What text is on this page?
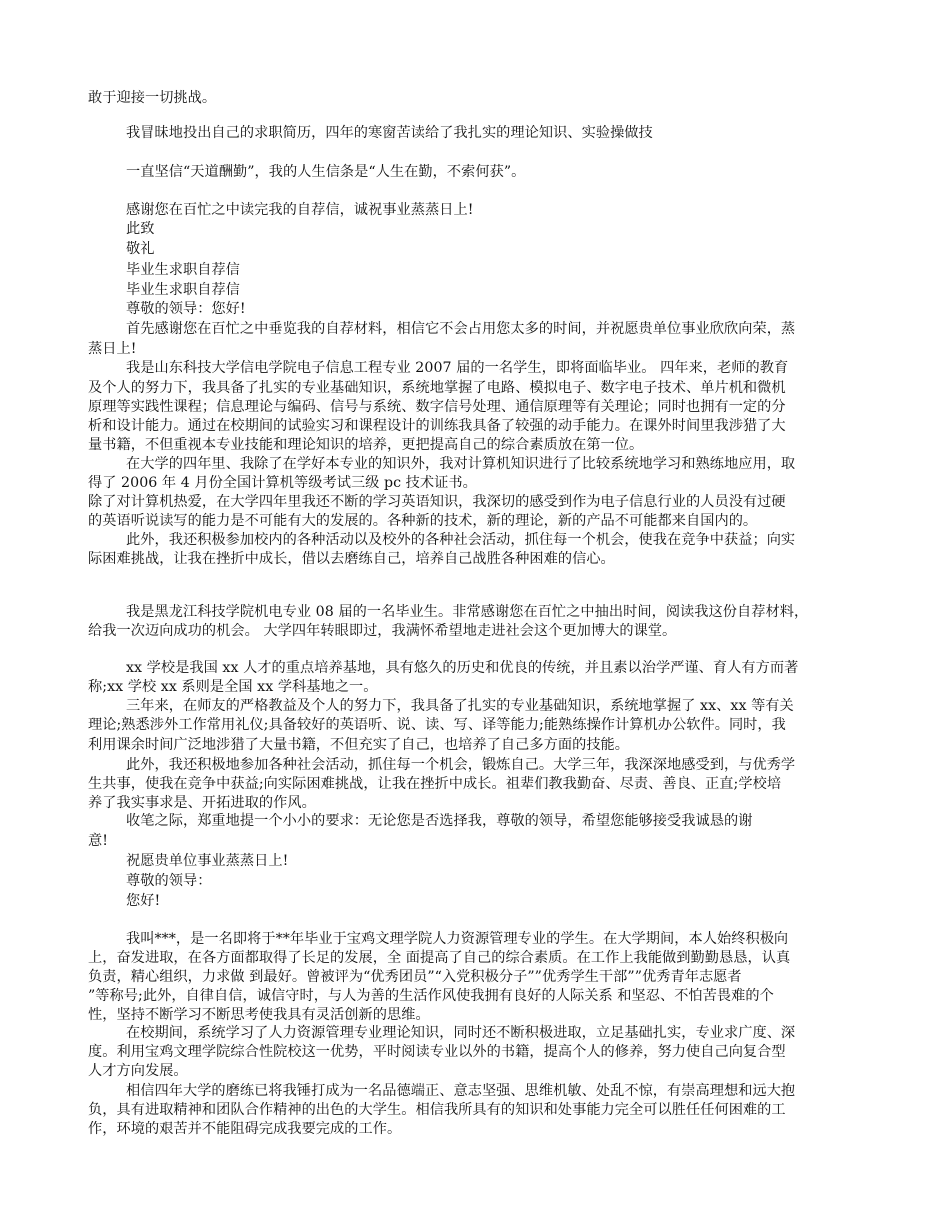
敢于迎接一切挑战。
我冒昧地投出自己的求职简历，四年的寒窗苦读给了我扎实的理论知识、实验操做技
一直坚信“天道酬勤”，我的人生信条是“人生在勤，不索何获”。
感谢您在百忙之中读完我的自荐信，诚祝事业蒸蒸日上!
此致
敬礼
毕业生求职自荐信
毕业生求职自荐信
尊敬的领导：您好!
首先感谢您在百忙之中垂览我的自荐材料，相信它不会占用您太多的时间，并祝愿贵单位事业欣欣向荣，蒸
蒸日上!
我是山东科技大学信电学院电子信息工程专业 2007 届的一名学生，即将面临毕业。 四年来，老师的教育
及个人的努力下，我具备了扎实的专业基础知识，系统地掌握了电路、模拟电子、数字电子技术、单片机和微机
原理等实践性课程；信息理论与编码、信号与系统、数字信号处理、通信原理等有关理论；同时也拥有一定的分
析和设计能力。通过在校期间的试验实习和课程设计的训练我具备了较强的动手能力。在课外时间里我涉猎了大
量书籍，不但重视本专业技能和理论知识的培养，更把提高自己的综合素质放在第一位。
在大学的四年里、我除了在学好本专业的知识外，我对计算机知识进行了比较系统地学习和熟练地应用，取
得了 2006 年 4 月份全国计算机等级考试三级 pc 技术证书。
除了对计算机热爱，在大学四年里我还不断的学习英语知识，我深切的感受到作为电子信息行业的人员没有过硬
的英语听说读写的能力是不可能有大的发展的。各种新的技术，新的理论，新的产品不可能都来自国内的。
此外，我还积极参加校内的各种活动以及校外的各种社会活动，抓住每一个机会，使我在竞争中获益；向实
际困难挑战，让我在挫折中成长，借以去磨练自己，培养自己战胜各种困难的信心。
我是黑龙江科技学院机电专业 08 届的一名毕业生。非常感谢您在百忙之中抽出时间，阅读我这份自荐材料，
给我一次迈向成功的机会。 大学四年转眼即过，我满怀希望地走进社会这个更加博大的课堂。
xx 学校是我国 xx 人才的重点培养基地，具有悠久的历史和优良的传统，并且素以治学严谨、育人有方而著
称;xx 学校 xx 系则是全国 xx 学科基地之一。
三年来，在师友的严格教益及个人的努力下，我具备了扎实的专业基础知识，系统地掌握了 xx、xx 等有关
理论;熟悉涉外工作常用礼仪;具备较好的英语听、说、读、写、译等能力;能熟练操作计算机办公软件。同时，我
利用课余时间广泛地涉猎了大量书籍，不但充实了自己，也培养了自己多方面的技能。
此外，我还积极地参加各种社会活动，抓住每一个机会，锻炼自己。大学三年，我深深地感受到，与优秀学
生共事，使我在竞争中获益;向实际困难挑战，让我在挫折中成长。祖辈们教我勤奋、尽责、善良、正直;学校培
养了我实事求是、开拓进取的作风。
收笔之际，郑重地提一个小小的要求：无论您是否选择我，尊敬的领导，希望您能够接受我诚恳的谢
意!
祝愿贵单位事业蒸蒸日上!
尊敬的领导：
您好!
我叫***，是一名即将于**年毕业于宝鸡文理学院人力资源管理专业的学生。在大学期间，本人始终积极向
上，奋发进取，在各方面都取得了长足的发展，全 面提高了自己的综合素质。在工作上我能做到勤勤恳恳，认真
负责，精心组织，力求做 到最好。曾被评为“优秀团员”“入党积极分子””优秀学生干部””优秀青年志愿者
”等称号;此外，自律自信，诚信守时，与人为善的生活作风使我拥有良好的人际关系 和坚忍、不怕苦畏难的个
性，坚持不断学习不断思考使我具有灵活创新的思维。
在校期间，系统学习了人力资源管理专业理论知识，同时还不断积极进取，立足基础扎实，专业求广度、深
度。利用宝鸡文理学院综合性院校这一优势，平时阅读专业以外的书籍，提高个人的修养，努力使自己向复合型
人才方向发展。
相信四年大学的磨练已将我锤打成为一名品德端正、意志坚强、思维机敏、处乱不惊，有崇高理想和远大抱
负，具有进取精神和团队合作精神的出色的大学生。相信我所具有的知识和处事能力完全可以胜任任何困难的工
作，环境的艰苦并不能阻碍完成我要完成的工作。
